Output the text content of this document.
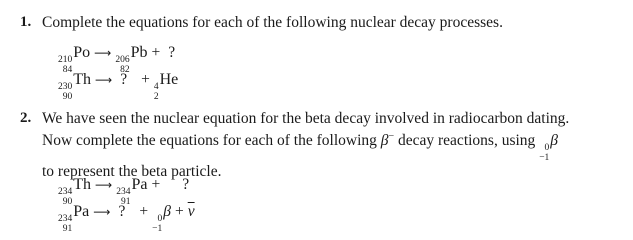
1. Complete the equations for each of the following nuclear decay processes.
210
84
Po ⟶ 206
82
Pb + ?
230
90
Th ⟶ ? + 4
2
He
2. We have seen the nuclear equation for the beta decay involved in radiocarbon dating.
Now complete the equations for each of the following β− decay reactions, using 0
−1
β
to represent the beta particle.
234
90
Th ⟶ 234
91
Pa + ?
234
91
Pa ⟶ ? + 0
−1
$\beta + \overline{\nu}$
